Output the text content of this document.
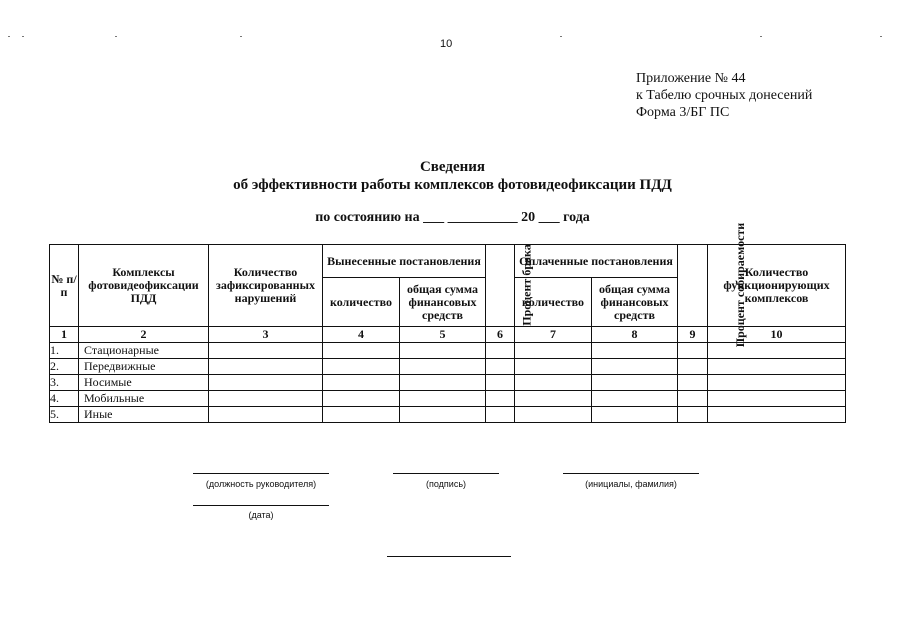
10
Приложение № 44
к Табелю срочных донесений
Форма 3/БГ ПС
Сведения
об эффективности работы комплексов фотовидеофиксации ПДД
по состоянию на ___ __________ 20 ___ года
№ п/п	Комплексы фотовидеофиксации ПДД	Количество зафиксированных нарушений	Вынесенные постановления		Процент брака	Оплаченные постановления		Процент собираемости	Количество функционирующих комплексов
			количество	общая сумма финансовых средств		количество	общая сумма финансовых средств		
1	2	3	4	5	6	7	8	9	10
1.	Стационарные								
2.	Передвижные								
3.	Носимые								
4.	Мобильные								
5.	Иные								
(должность руководителя)	(подпись)	(инициалы, фамилия)
(дата)
